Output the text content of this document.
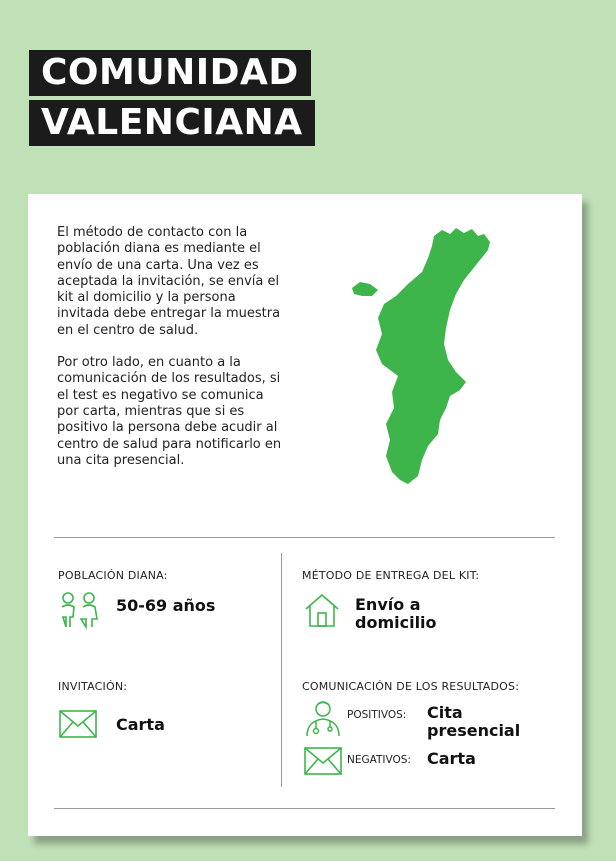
COMUNIDAD
VALENCIANA

El método de contacto con la población diana es mediante el envío de una carta. Una vez es aceptada la invitación, se envía el kit al domicilio y la persona invitada debe entregar la muestra en el centro de salud.

Por otro lado, en cuanto a la comunicación de los resultados, si el test es negativo se comunica por carta, mientras que si es positivo la persona debe acudir al centro de salud para notificarlo en una cita presencial.

POBLACIÓN DIANA:
50-69 años
MÉTODO DE ENTREGA DEL KIT:
Envío a
domicilio
INVITACIÓN:
Carta
COMUNICACIÓN DE LOS RESULTADOS:
POSITIVOS: Cita
presencial
NEGATIVOS: Carta
